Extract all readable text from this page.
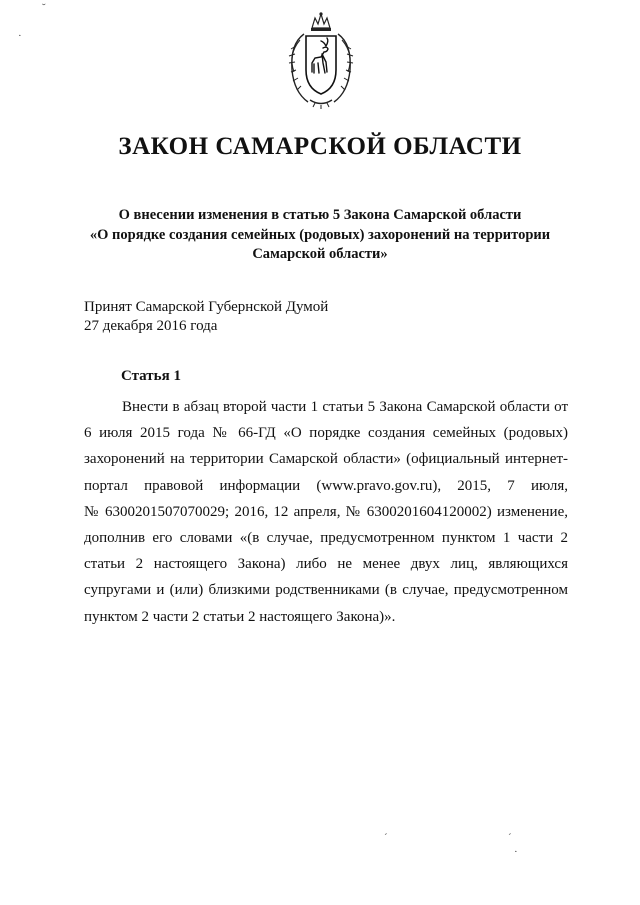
˘
·
ЗАКОН САМАРСКОЙ ОБЛАСТИ
О внесении изменения в статью 5 Закона Самарской области
«О порядке создания семейных (родовых) захоронений на территории
Самарской области»
Принят Самарской Губернской Думой
27 декабря 2016 года
Статья 1
Внести в абзац второй части 1 статьи 5 Закона Самарской области от
6 июля 2015 года № 66-ГД «О порядке создания семейных (родовых)
захоронений на территории Самарской области» (официальный интернет-
портал правовой информации (www.pravo.gov.ru), 2015, 7 июля,
№ 6300201507070029; 2016, 12 апреля, № 6300201604120002) изменение,
дополнив его словами «(в случае, предусмотренном пунктом 1 части 2
статьи 2 настоящего Закона) либо не менее двух лиц, являющихся
супругами и (или) близкими родственниками (в случае, предусмотренном
пунктом 2 части 2 статьи 2 настоящего Закона)».
´	´
·
